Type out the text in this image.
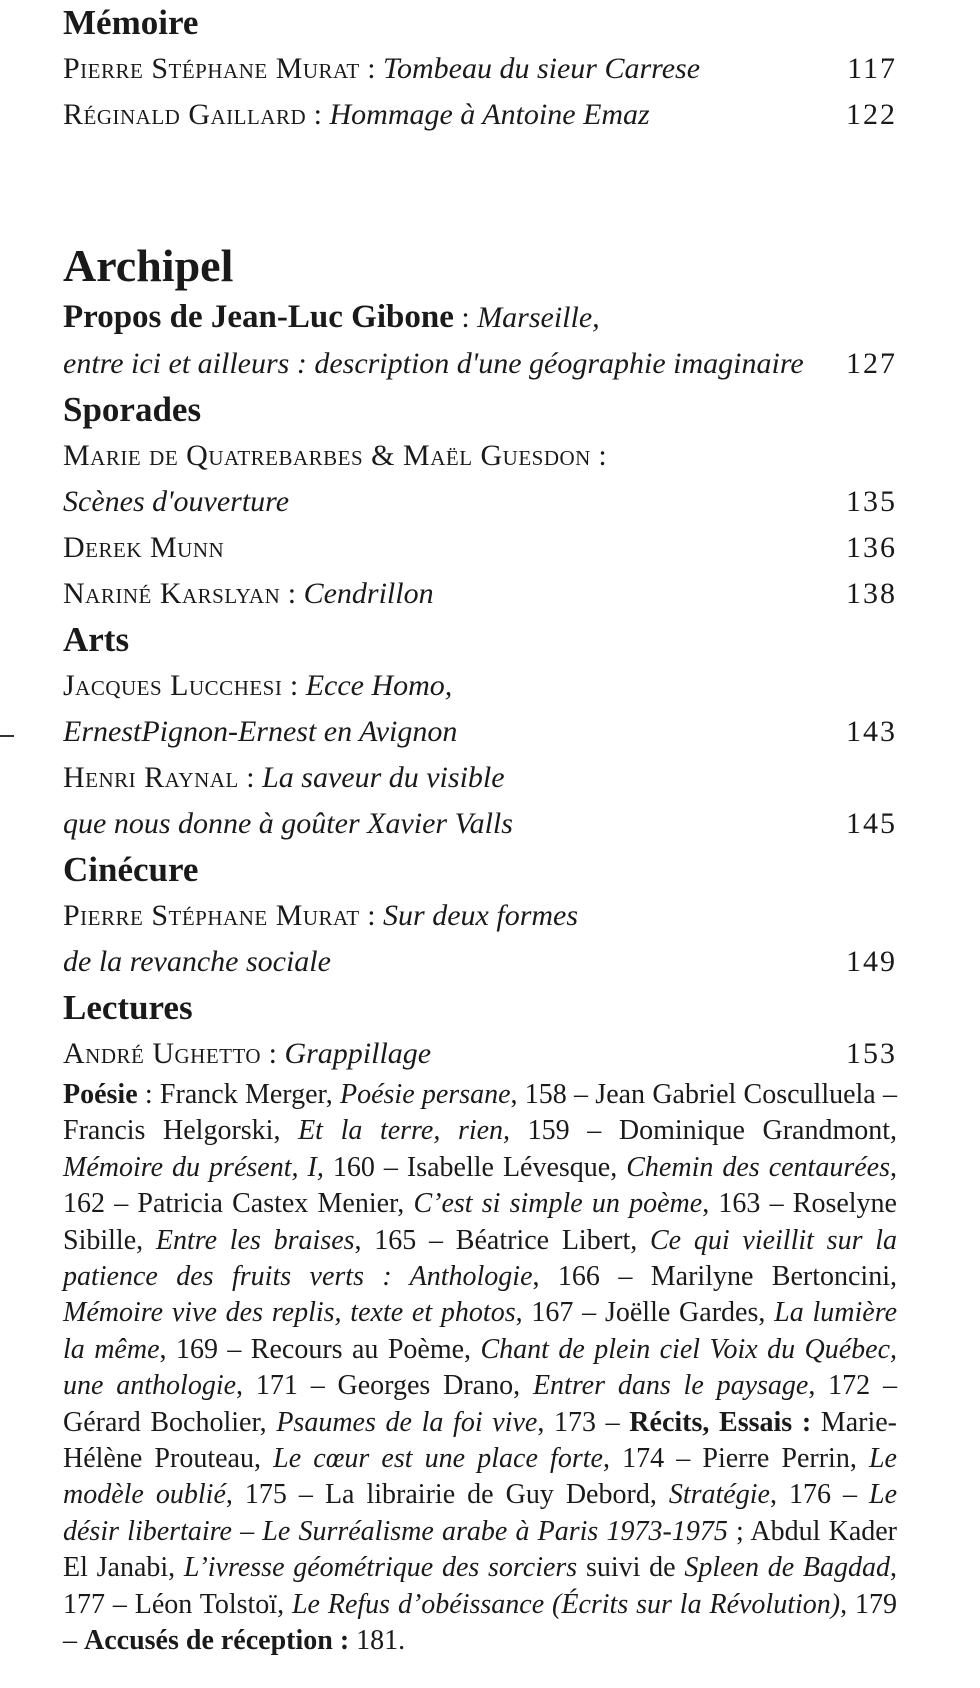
Mémoire
Pierre Stéphane Murat : Tombeau du sieur Carrese	117
Réginald Gaillard : Hommage à Antoine Emaz	122
Archipel
Propos de Jean-Luc Gibone : Marseille,
entre ici et ailleurs : description d'une géographie imaginaire	127
Sporades
Marie de Quatrebarbes & Maël Guesdon :
Scènes d'ouverture	135
Derek Munn	136
Nariné Karslyan : Cendrillon	138
Arts
Jacques Lucchesi : Ecce Homo,
ErnestPignon-Ernest en Avignon	143
Henri Raynal : La saveur du visible
que nous donne à goûter Xavier Valls	145
Cinécure
Pierre Stéphane Murat : Sur deux formes
de la revanche sociale	149
Lectures
André Ughetto : Grappillage	153

Poésie : Franck Merger, Poésie persane, 158 – Jean Gabriel Cosculluela – Francis Helgorski, Et la terre, rien, 159 – Dominique Grandmont, Mémoire du présent, I, 160 – Isabelle Lévesque, Chemin des centaurées, 162 – Patricia Castex Menier, C’est si simple un poème, 163 – Roselyne Sibille, Entre les braises, 165 – Béatrice Libert, Ce qui vieillit sur la patience des fruits verts : Anthologie, 166 – Marilyne Bertoncini, Mémoire vive des replis, texte et photos, 167 – Joëlle Gardes, La lumière la même, 169 – Recours au Poème, Chant de plein ciel Voix du Québec, une anthologie, 171 – Georges Drano, Entrer dans le paysage, 172 – Gérard Bocholier, Psaumes de la foi vive, 173 – Récits, Essais : Marie-Hélène Prouteau, Le cœur est une place forte, 174 – Pierre Perrin, Le modèle oublié, 175 – La librairie de Guy Debord, Stratégie, 176 – Le désir libertaire – Le Surréalisme arabe à Paris 1973-1975 ; Abdul Kader El Janabi, L’ivresse géométrique des sorciers suivi de Spleen de Bagdad, 177 – Léon Tolstoï, Le Refus d’obéissance (Écrits sur la Révolution), 179 – Accusés de réception : 181.
